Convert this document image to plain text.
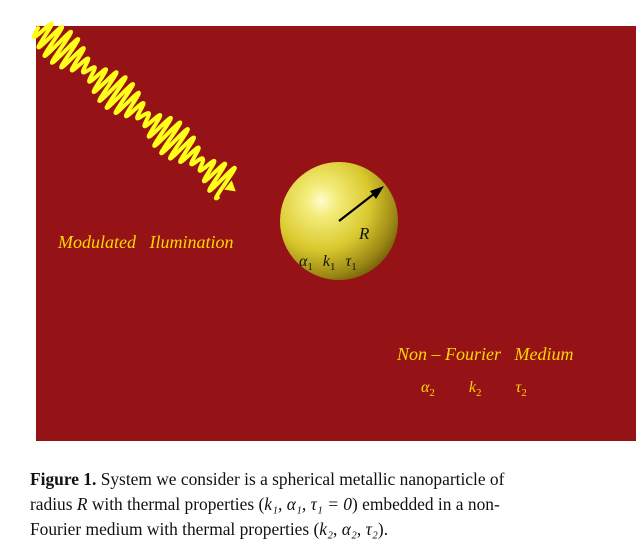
R
$\alpha_1$ $k_1$ $\tau_1$
Modulated   Ilumination
Non – Fourier   Medium
$\alpha_2$ $k_2$ $\tau_2$
Figure 1. System we consider is a spherical metallic nanoparticle of
radius R with thermal properties (k₁, α₁, τ₁ = 0) embedded in a non-
Fourier medium with thermal properties (k₂, α₂, τ₂).
